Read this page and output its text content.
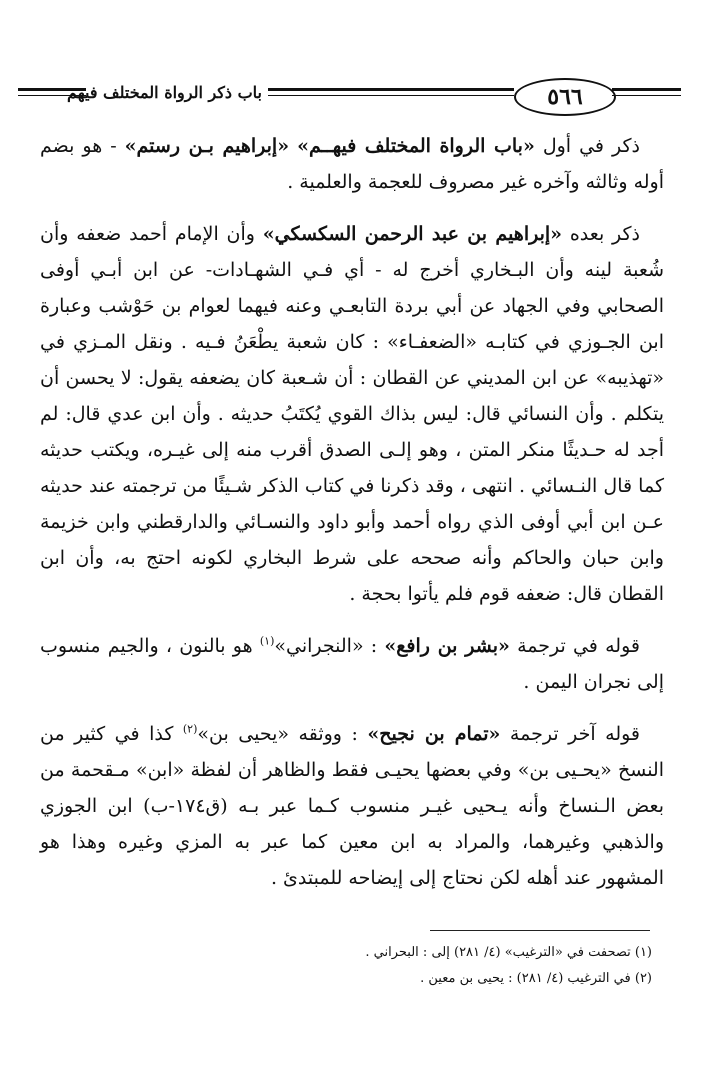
باب ذكر الرواة المختلف فيهم	٥٦٦

ذكر في أول «باب الرواة المختلف فيهــم» «إبراهيم بـن رستم» - هو بضم أوله وثالثه وآخره غير مصروف للعجمة والعلمية .

ذكر بعده «إبراهيم بن عبد الرحمن السكسكي» وأن الإمام أحمد ضعفه وأن شُعبة لينه وأن البـخاري أخرج له - أي فـي الشهـادات- عن ابن أبـي أوفى الصحابي وفي الجهاد عن أبي بردة التابعـي وعنه فيهما لعوام بن حَوْشب وعبارة ابن الجـوزي في كتابـه «الضعفـاء» : كان شعبة يطْعَنُ فـيه . ونقل المـزي في «تهذيبه» عن ابن المديني عن القطان : أن شـعبة كان يضعفه يقول: لا يحسن أن يتكلم . وأن النسائي قال: ليس بذاك القوي يُكتَبُ حديثه . وأن ابن عدي قال: لم أجد له حـديثًا منكر المتن ، وهو إلـى الصدق أقرب منه إلى غيـره، ويكتب حديثه كما قال النـسائي . انتهى ، وقد ذكرنا في كتاب الذكر شـيئًا من ترجمته عند حديثه عـن ابن أبي أوفى الذي رواه أحمد وأبو داود والنسـائي والدارقطني وابن خزيمة وابن حبان والحاكم وأنه صححه على شرط البخاري لكونه احتج به، وأن ابن القطان قال: ضعفه قوم فلم يأتوا بحجة .

قوله في ترجمة «بشر بن رافع» : «النجراني»$^{(١)}$ هو بالنون ، والجيم منسوب إلى نجران اليمن .

قوله آخر ترجمة «تمام بن نجيح» : ووثقه «يحيى بن»$^{(٢)}$ كذا في كثير من النسخ «يحـيى بن» وفي بعضها يحيـى فقط والظاهر أن لفظة «ابن» مـقحمة من بعض الـنساخ وأنه يـحيى غيـر منسوب كـما عبر بـه (ق١٧٤-ب) ابن الجوزي والذهبي وغيرهما، والمراد به ابن معين كما عبر به المزي وغيره وهذا هو المشهور عند أهله لكن نحتاج إلى إيضاحه للمبتدئ .

(١) تصحفت في «الترغيب» (٤/ ٢٨١) إلى : البحراني .

(٢) في الترغيب (٤/ ٢٨١) : يحيى بن معين .
